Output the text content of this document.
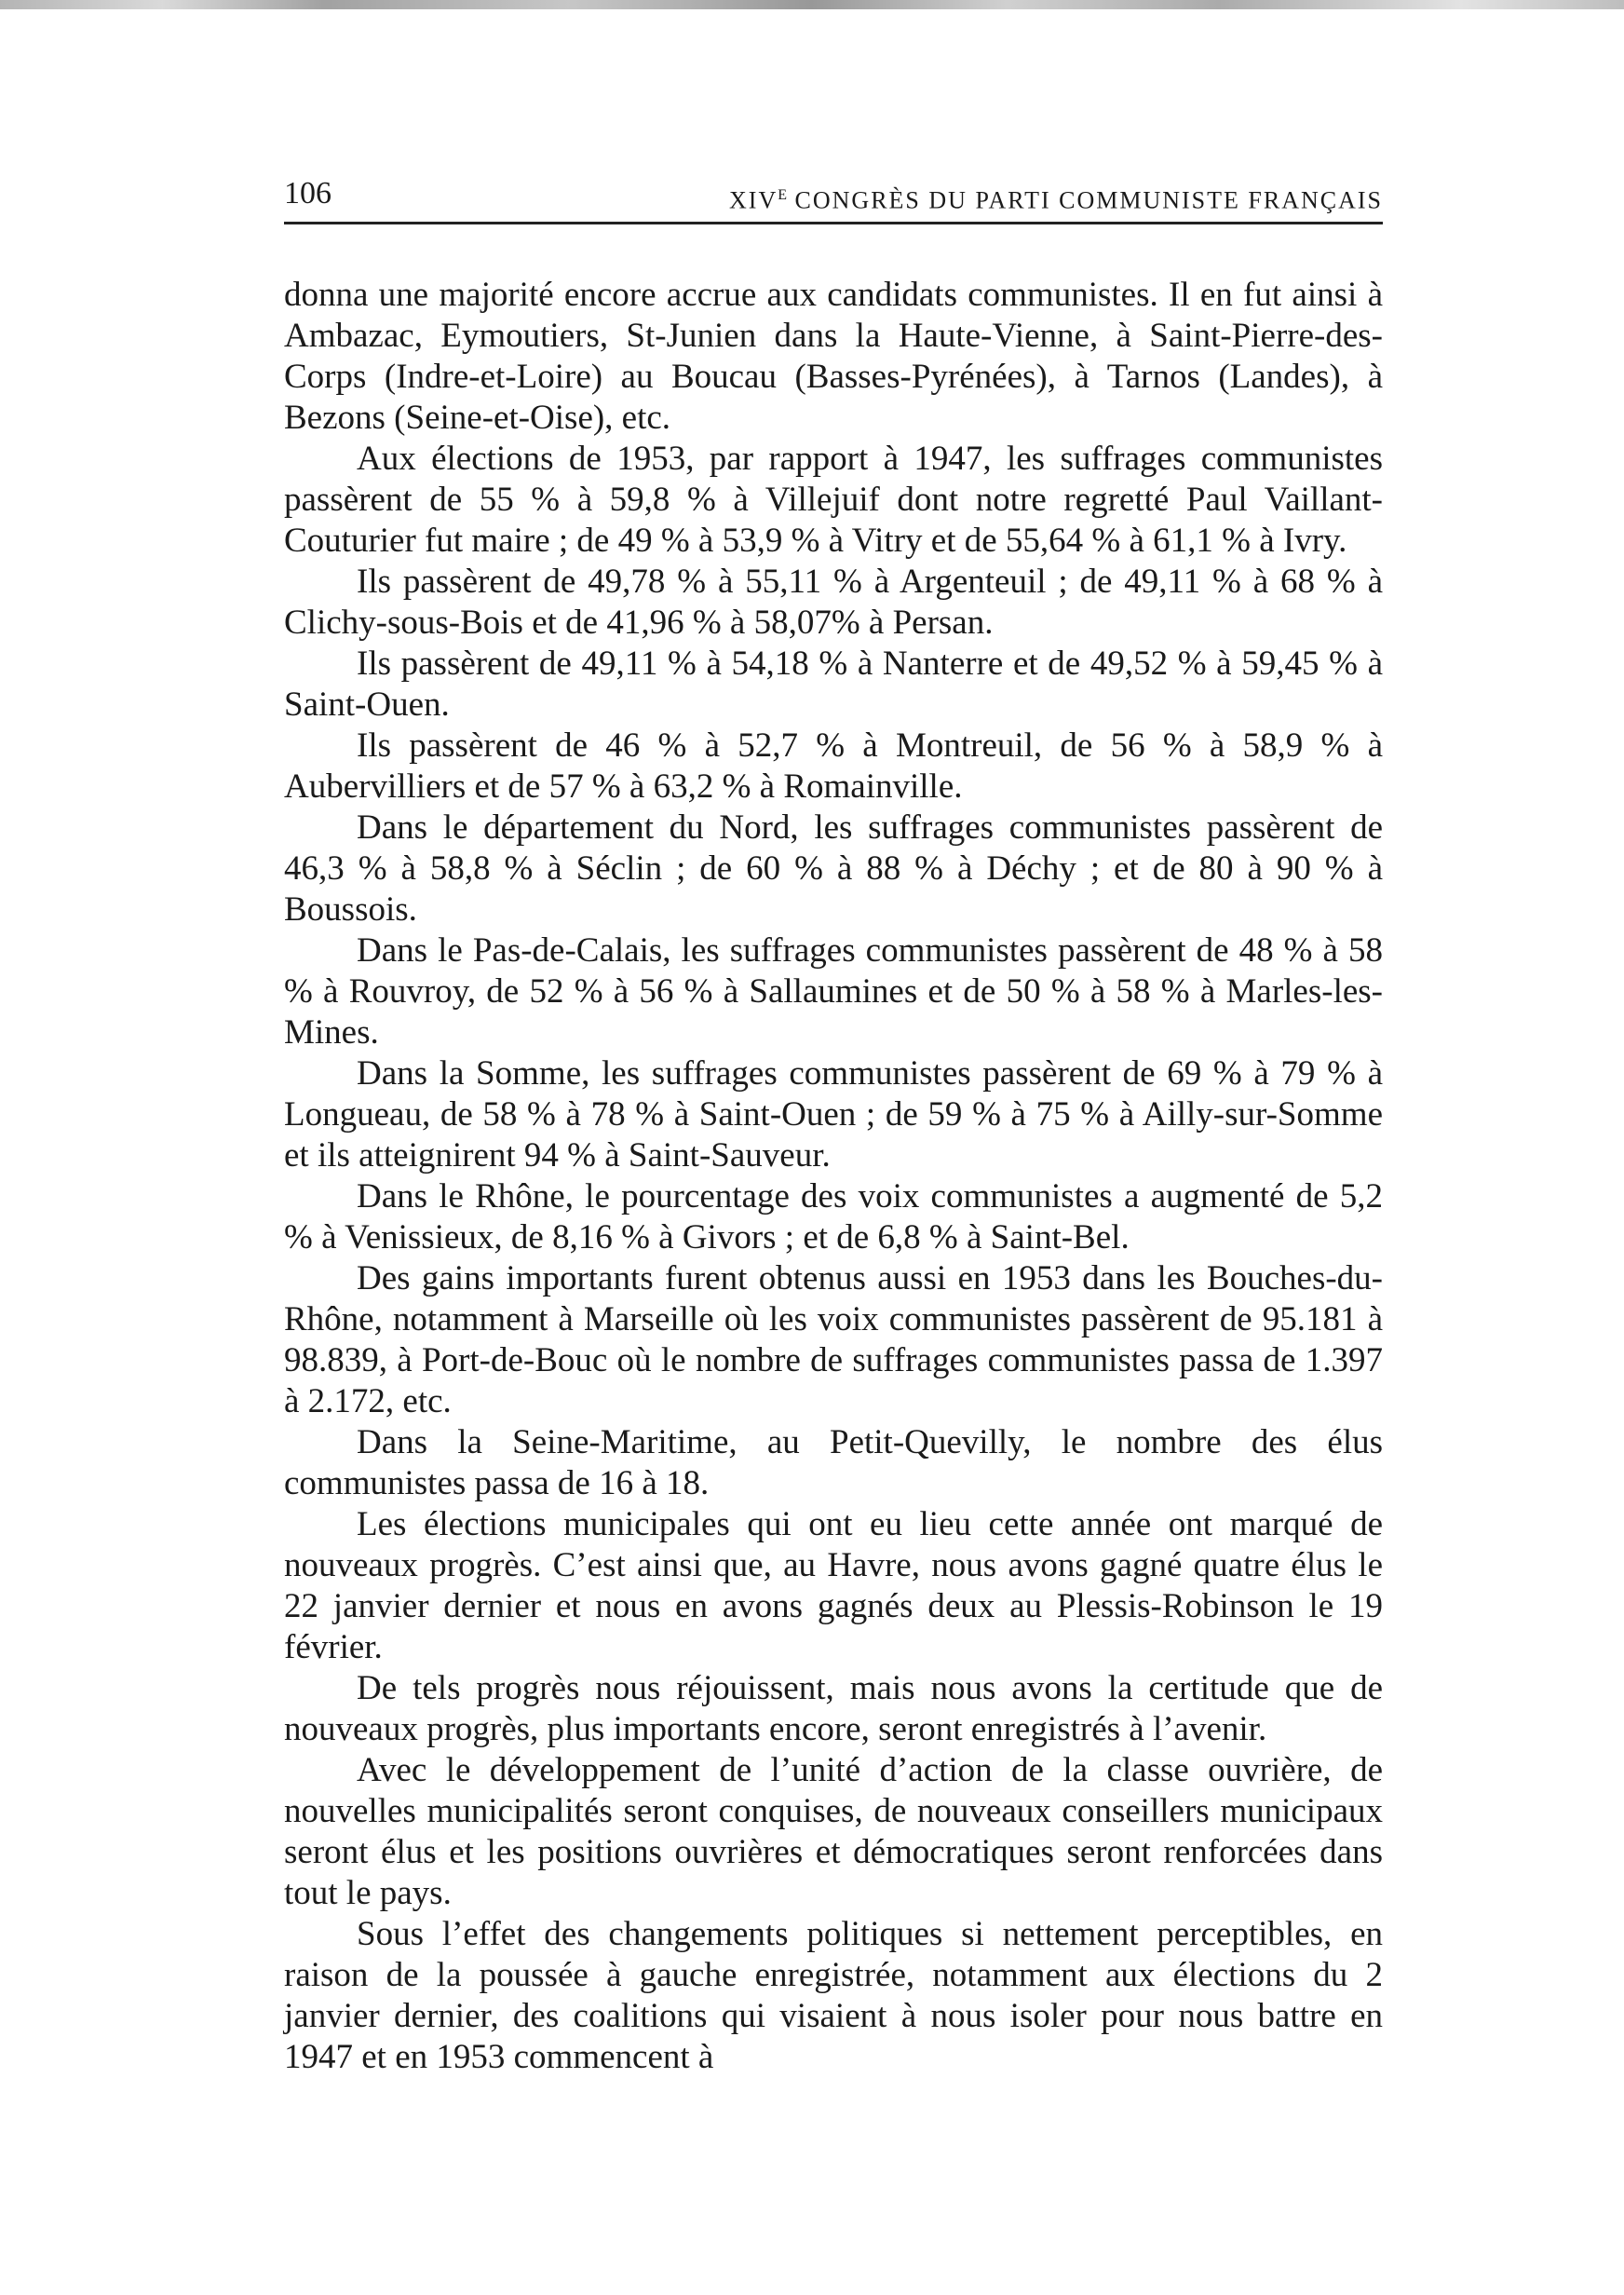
106	$XIV^E$ CONGRÈS DU PARTI COMMUNISTE FRANÇAIS

donna une majorité encore accrue aux candidats communistes. Il en fut ainsi à Ambazac, Eymoutiers, St-Junien dans la Haute-Vienne, à Saint-Pierre-des-Corps (Indre-et-Loire) au Boucau (Basses-Pyrénées), à Tarnos (Landes), à Bezons (Seine-et-Oise), etc.

Aux élections de 1953, par rapport à 1947, les suffrages communistes passèrent de 55 % à 59,8 % à Villejuif dont notre regretté Paul Vaillant-Couturier fut maire ; de 49 % à 53,9 % à Vitry et de 55,64 % à 61,1 % à Ivry.

Ils passèrent de 49,78 % à 55,11 % à Argenteuil ; de 49,11 % à 68 % à Clichy-sous-Bois et de 41,96 % à 58,07% à Persan.

Ils passèrent de 49,11 % à 54,18 % à Nanterre et de 49,52 % à 59,45 % à Saint-Ouen.

Ils passèrent de 46 % à 52,7 % à Montreuil, de 56 % à 58,9 % à Aubervilliers et de 57 % à 63,2 % à Romainville.

Dans le département du Nord, les suffrages communistes passèrent de 46,3 % à 58,8 % à Séclin ; de 60 % à 88 % à Déchy ; et de 80 à 90 % à Boussois.

Dans le Pas-de-Calais, les suffrages communistes passèrent de 48 % à 58 % à Rouvroy, de 52 % à 56 % à Sallaumines et de 50 % à 58 % à Marles-les-Mines.

Dans la Somme, les suffrages communistes passèrent de 69 % à 79 % à Longueau, de 58 % à 78 % à Saint-Ouen ; de 59 % à 75 % à Ailly-sur-Somme et ils atteignirent 94 % à Saint-Sauveur.

Dans le Rhône, le pourcentage des voix communistes a augmenté de 5,2 % à Venissieux, de 8,16 % à Givors ; et de 6,8 % à Saint-Bel.

Des gains importants furent obtenus aussi en 1953 dans les Bouches-du-Rhône, notamment à Marseille où les voix communistes passèrent de 95.181 à 98.839, à Port-de-Bouc où le nombre de suffrages communistes passa de 1.397 à 2.172, etc.

Dans la Seine-Maritime, au Petit-Quevilly, le nombre des élus communistes passa de 16 à 18.

Les élections municipales qui ont eu lieu cette année ont marqué de nouveaux progrès. C’est ainsi que, au Havre, nous avons gagné quatre élus le 22 janvier dernier et nous en avons gagnés deux au Plessis-Robinson le 19 février.

De tels progrès nous réjouissent, mais nous avons la certitude que de nouveaux progrès, plus importants encore, seront enregistrés à l’avenir.

Avec le développement de l’unité d’action de la classe ouvrière, de nouvelles municipalités seront conquises, de nouveaux conseillers municipaux seront élus et les positions ouvrières et démocratiques seront renforcées dans tout le pays.

Sous l’effet des changements politiques si nettement perceptibles, en raison de la poussée à gauche enregistrée, notamment aux élections du 2 janvier dernier, des coalitions qui visaient à nous isoler pour nous battre en 1947 et en 1953 commencent à
